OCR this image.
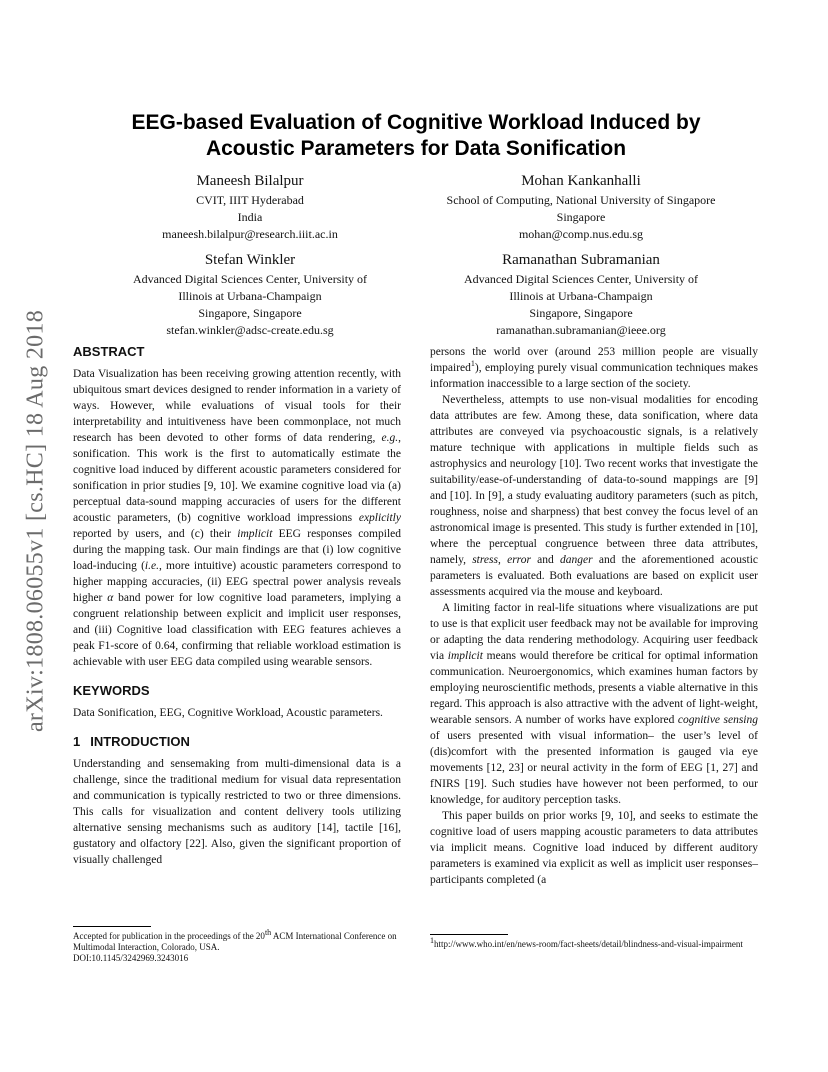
arXiv:1808.06055v1 [cs.HC] 18 Aug 2018
EEG-based Evaluation of Cognitive Workload Induced by
Acoustic Parameters for Data Sonification
Maneesh Bilalpur
CVIT, IIIT Hyderabad
India
maneesh.bilalpur@research.iiit.ac.in
Mohan Kankanhalli
School of Computing, National University of Singapore
Singapore
mohan@comp.nus.edu.sg
Stefan Winkler
Advanced Digital Sciences Center, University of
Illinois at Urbana-Champaign
Singapore, Singapore
stefan.winkler@adsc-create.edu.sg
Ramanathan Subramanian
Advanced Digital Sciences Center, University of
Illinois at Urbana-Champaign
Singapore, Singapore
ramanathan.subramanian@ieee.org
ABSTRACT

Data Visualization has been receiving growing attention recently, with ubiquitous smart devices designed to render information in a variety of ways. However, while evaluations of visual tools for their interpretability and intuitiveness have been commonplace, not much research has been devoted to other forms of data rendering, e.g., sonification. This work is the first to automatically estimate the cognitive load induced by different acoustic parameters considered for sonification in prior studies [9, 10]. We examine cognitive load via (a) perceptual data-sound mapping accuracies of users for the different acoustic parameters, (b) cognitive workload impressions explicitly reported by users, and (c) their implicit EEG responses compiled during the mapping task. Our main findings are that (i) low cognitive load-inducing (i.e., more intuitive) acoustic parameters correspond to higher mapping accuracies, (ii) EEG spectral power analysis reveals higher α band power for low cognitive load parameters, implying a congruent relationship between explicit and implicit user responses, and (iii) Cognitive load classification with EEG features achieves a peak F1-score of 0.64, confirming that reliable workload estimation is achievable with user EEG data compiled using wearable sensors.

KEYWORDS

Data Sonification, EEG, Cognitive Workload, Acoustic parameters.

1 INTRODUCTION

Understanding and sensemaking from multi-dimensional data is a challenge, since the traditional medium for visual data representation and communication is typically restricted to two or three dimensions. This calls for visualization and content delivery tools utilizing alternative sensing mechanisms such as auditory [14], tactile [16], gustatory and olfactory [22]. Also, given the significant proportion of visually challenged

persons the world over (around 253 million people are visually impaired$^1$), employing purely visual communication techniques makes information inaccessible to a large section of the society.

Nevertheless, attempts to use non-visual modalities for encoding data attributes are few. Among these, data sonification, where data attributes are conveyed via psychoacoustic signals, is a relatively mature technique with applications in multiple fields such as astrophysics and neurology [10]. Two recent works that investigate the suitability/ease-of-understanding of data-to-sound mappings are [9] and [10]. In [9], a study evaluating auditory parameters (such as pitch, roughness, noise and sharpness) that best convey the focus level of an astronomical image is presented. This study is further extended in [10], where the perceptual congruence between three data attributes, namely, stress, error and danger and the aforementioned acoustic parameters is evaluated. Both evaluations are based on explicit user assessments acquired via the mouse and keyboard.

A limiting factor in real-life situations where visualizations are put to use is that explicit user feedback may not be available for improving or adapting the data rendering methodology. Acquiring user feedback via implicit means would therefore be critical for optimal information communication. Neuroergonomics, which examines human factors by employing neuroscientific methods, presents a viable alternative in this regard. This approach is also attractive with the advent of light-weight, wearable sensors. A number of works have explored cognitive sensing of users presented with visual information– the user’s level of (dis)comfort with the presented information is gauged via eye movements [12, 23] or neural activity in the form of EEG [1, 27] and fNIRS [19]. Such studies have however not been performed, to our knowledge, for auditory perception tasks.

This paper builds on prior works [9, 10], and seeks to estimate the cognitive load of users mapping acoustic parameters to data attributes via implicit means. Cognitive load induced by different auditory parameters is examined via explicit as well as implicit user responses– participants completed (a

Accepted for publication in the proceedings of the 20th ACM International Conference on Multimodal Interaction, Colorado, USA.
DOI:10.1145/3242969.3243016
$^1$http://www.who.int/en/news-room/fact-sheets/detail/blindness-and-visual-impairment
